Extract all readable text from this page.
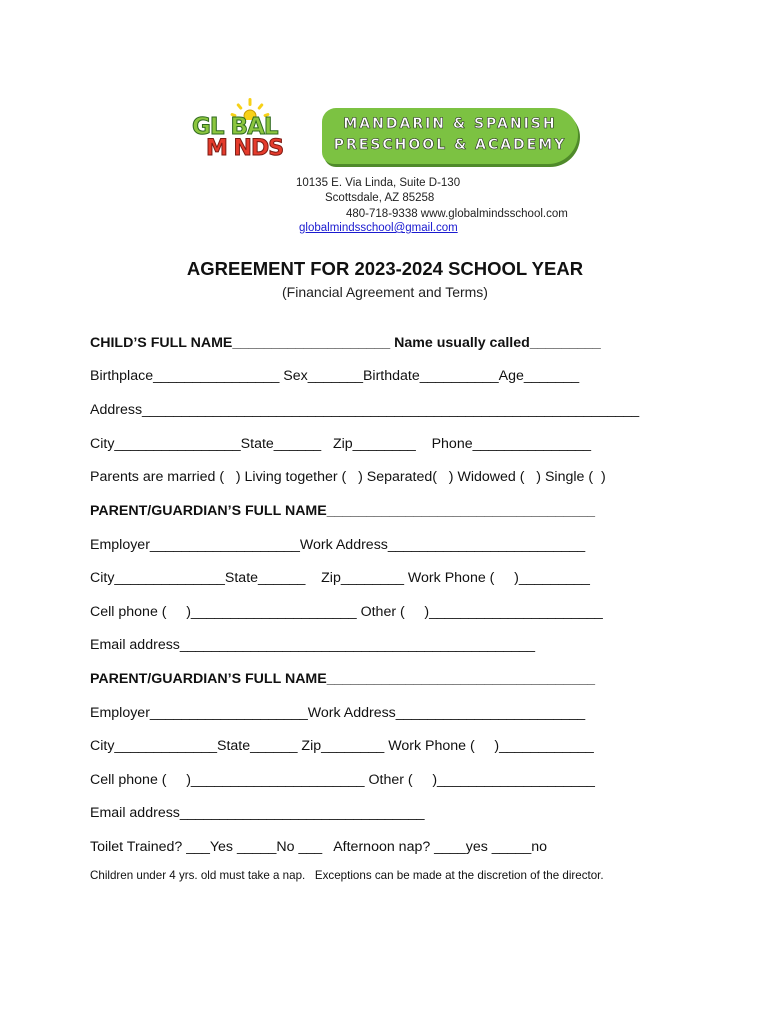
GL BAL
M NDS
MANDARIN & SPANISH
PRESCHOOL & ACADEMY
10135 E. Via Linda, Suite D-130
Scottsdale, AZ 85258
480-718-9338 www.globalmindsschool.com
globalmindsschool@gmail.com
AGREEMENT FOR 2023-2024 SCHOOL YEAR
(Financial Agreement and Terms)
CHILD’S FULL NAME____________________ Name usually called_________
Birthplace________________ Sex_______Birthdate__________Age_______
Address_______________________________________________________________
City________________State______   Zip________    Phone_______________
Parents are married (   ) Living together (   ) Separated(   ) Widowed (   ) Single (  )
PARENT/GUARDIAN’S FULL NAME__________________________________
Employer___________________Work Address_________________________
City______________State______    Zip________ Work Phone (     )_________
Cell phone (     )_____________________ Other (     )______________________
Email address_____________________________________________
PARENT/GUARDIAN’S FULL NAME__________________________________
Employer____________________Work Address________________________
City_____________State______ Zip________ Work Phone (     )____________
Cell phone (     )______________________ Other (     )____________________
Email address_______________________________
Toilet Trained? ___Yes _____No ___   Afternoon nap? ____yes _____no
Children under 4 yrs. old must take a nap.   Exceptions can be made at the discretion of the director.
